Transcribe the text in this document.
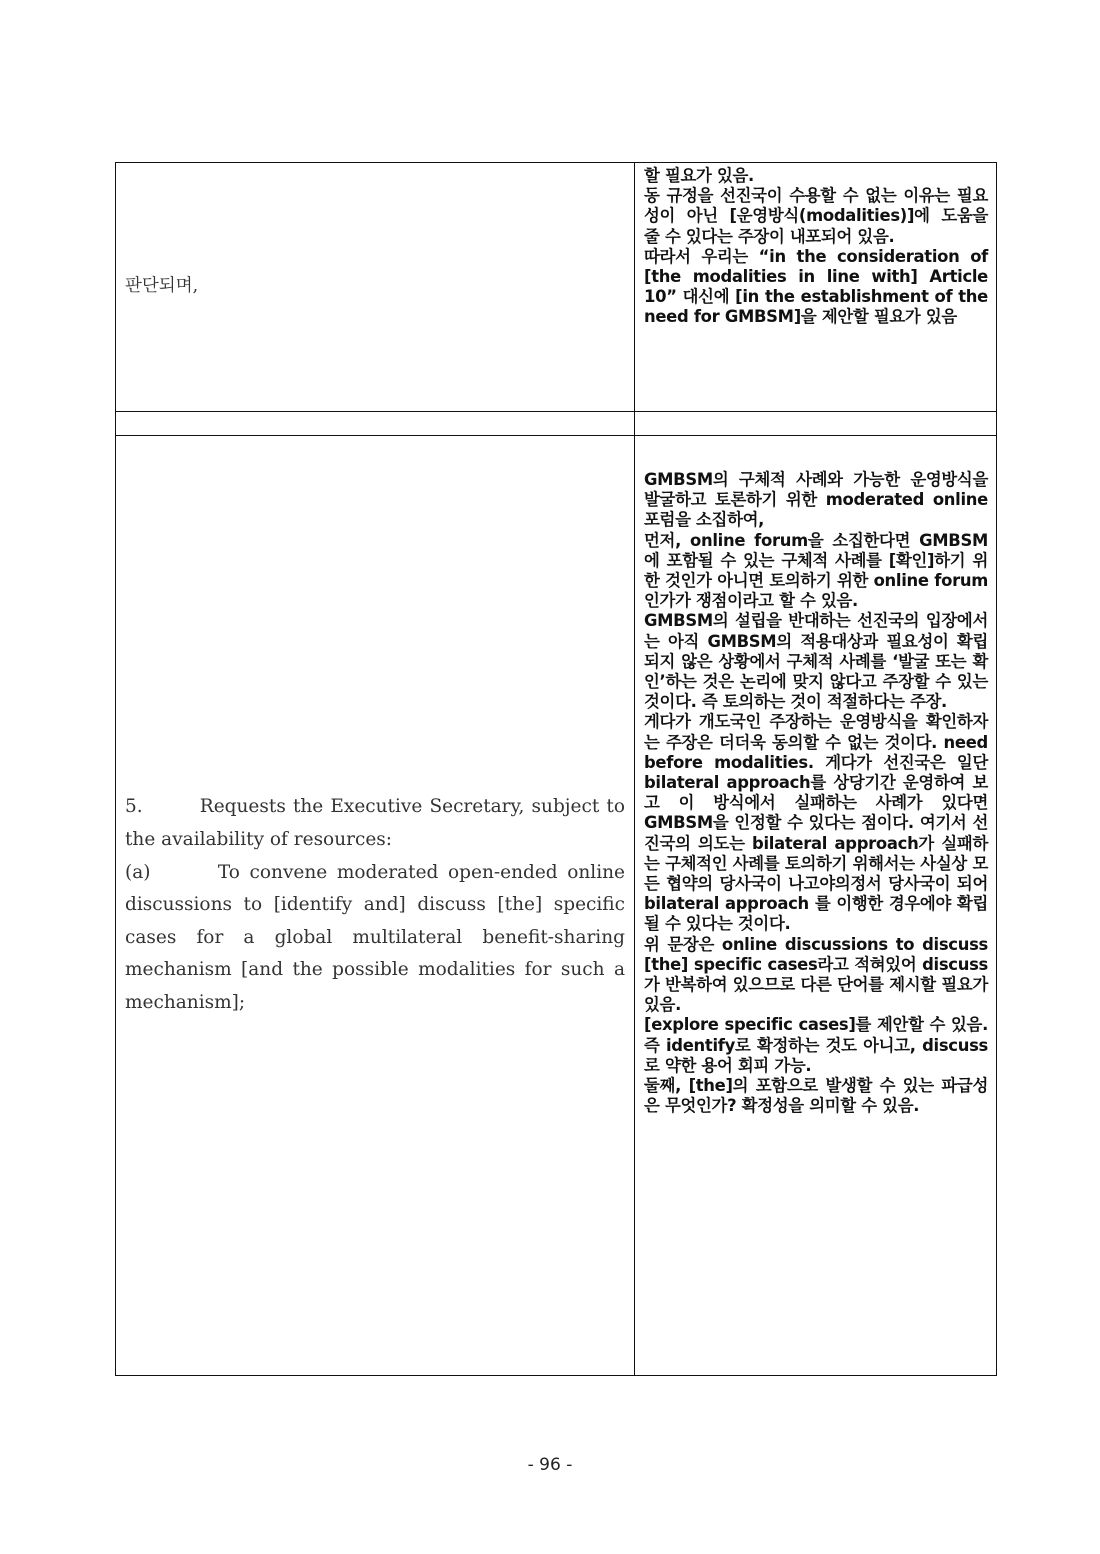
판단되며,

할 필요가 있음.

동 규정을 선진국이 수용할 수 없는 이유는 필요성이 아닌 [운영방식(modalities)]에 도움을 줄 수 있다는 주장이 내포되어 있음.

따라서 우리는 “in the consideration of [the modalities in line with] Article 10” 대신에 [in the establishment of the need for GMBSM]을 제안할 필요가 있음

5.        Requests the Executive Secretary, subject to the availability of resources:

(a)       To convene moderated open-ended online discussions to [identify and] discuss [the] specific cases for a global multilateral benefit-sharing mechanism [and the possible modalities for such a mechanism];

GMBSM의 구체적 사례와 가능한 운영방식을 발굴하고 토론하기 위한 moderated online 포럼을 소집하여,

먼저, online forum을 소집한다면 GMBSM에 포함될 수 있는 구체적 사례를 [확인]하기 위한 것인가 아니면 토의하기 위한 online forum인가가 쟁점이라고 할 수 있음.

GMBSM의 설립을 반대하는 선진국의 입장에서는 아직 GMBSM의 적용대상과 필요성이 확립되지 않은 상황에서 구체적 사례를 ‘발굴 또는 확인’하는 것은 논리에 맞지 않다고 주장할 수 있는 것이다. 즉 토의하는 것이 적절하다는 주장.

게다가 개도국인 주장하는 운영방식을 확인하자는 주장은 더더욱 동의할 수 없는 것이다. need before modalities. 게다가 선진국은 일단 bilateral approach를 상당기간 운영하여 보고 이 방식에서 실패하는 사례가 있다면 GMBSM을 인정할 수 있다는 점이다. 여기서 선진국의 의도는 bilateral approach가 실패하는 구체적인 사례를 토의하기 위해서는 사실상 모든 협약의 당사국이 나고야의정서 당사국이 되어 bilateral approach 를 이행한 경우에야 확립될 수 있다는 것이다.

위 문장은 online discussions to discuss [the] specific cases라고 적혀있어 discuss가 반복하여 있으므로 다른 단어를 제시할 필요가 있음.

[explore specific cases]를 제안할 수 있음. 즉 identify로 확정하는 것도 아니고, discuss로 약한 용어 회피 가능.

둘째, [the]의 포함으로 발생할 수 있는 파급성은 무엇인가? 확정성을 의미할 수 있음.

- 96 -
